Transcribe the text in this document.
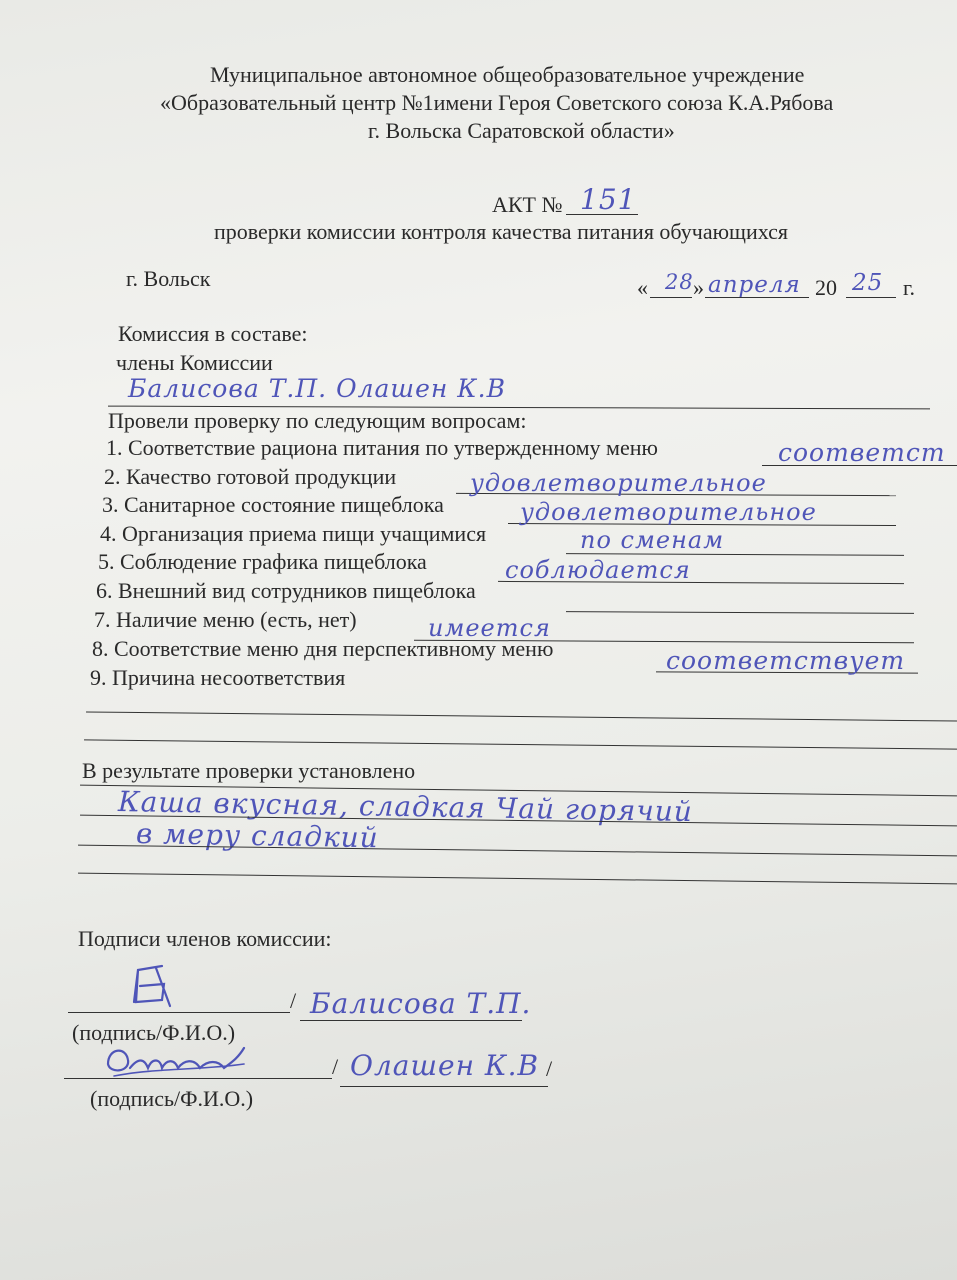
Муниципальное автономное общеобразовательное учреждение
«Образовательный центр №1имени Героя Советского союза К.А.Рябова
г. Вольска Саратовской области»
АКТ № 151
проверки комиссии контроля качества питания обучающихся
г. Вольск	« 28 » апреля 20 25 г.
Комиссия в составе:
члены Комиссии
Балисова Т.П. Олашен К.В
Провели проверку по следующим вопросам:
1. Соответствие рациона питания по утвержденному меню	соответст
2. Качество готовой продукции	удовлетворительное
3. Санитарное состояние пищеблока	удовлетворительное
4. Организация приема пищи учащимися	по сменам
5. Соблюдение графика пищеблока	соблюдается
6. Внешний вид сотрудников пищеблока
7. Наличие меню (есть, нет)	имеется
8. Соответствие меню дня перспективному меню	соответствует
9. Причина несоответствия
В результате проверки установлено
Каша вкусная, сладкая Чай горячий
в меру сладкий
Подписи членов комиссии:
/ Балисова Т.П.
(подпись/Ф.И.О.)
/ Олашен К.В /
(подпись/Ф.И.О.)
